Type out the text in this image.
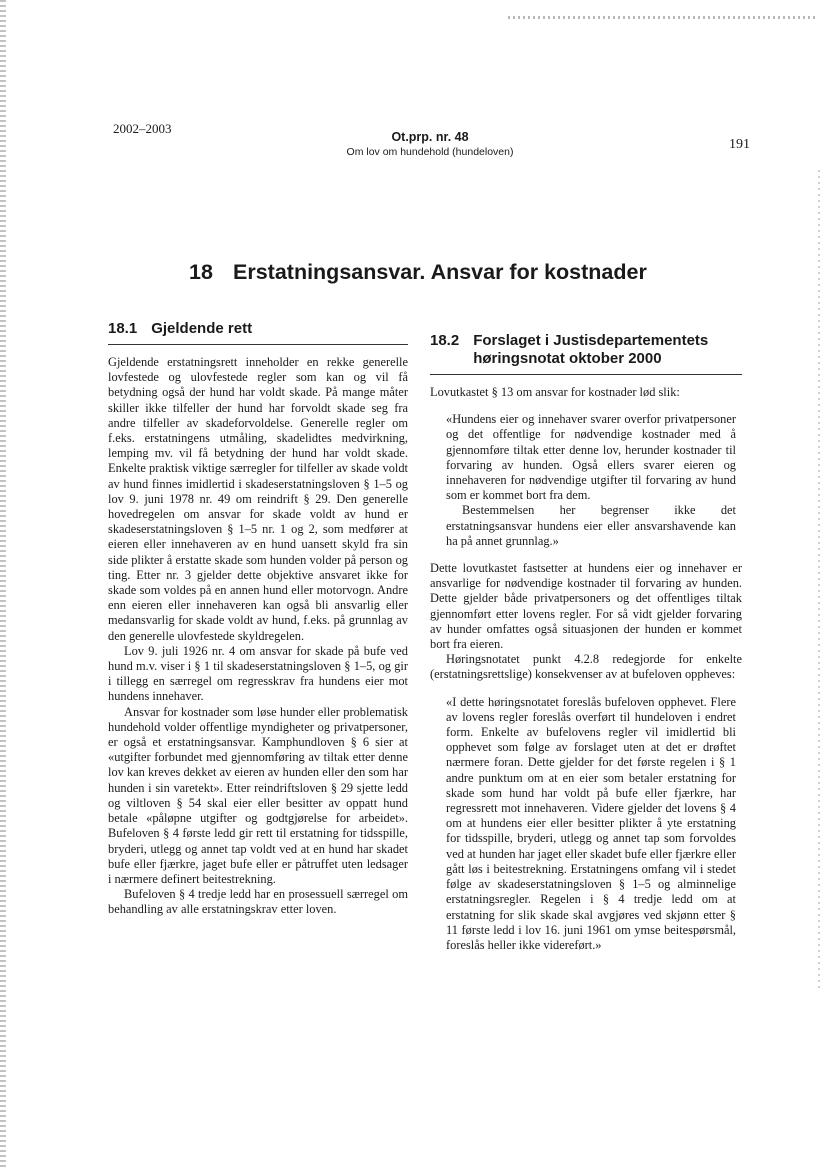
2002–2003
Ot.prp. nr. 48
Om lov om hundehold (hundeloven)	191
18 Erstatningsansvar. Ansvar for kostnader
18.1 Gjeldende rett

Gjeldende erstatningsrett inneholder en rekke generelle lovfestede og ulovfestede regler som kan og vil få betydning også der hund har voldt skade. På mange måter skiller ikke tilfeller der hund har forvoldt skade seg fra andre tilfeller av skadeforvoldelse. Generelle regler om f.eks. erstatningens utmåling, skadelidtes medvirkning, lemping mv. vil få betydning der hund har voldt skade. Enkelte praktisk viktige særregler for tilfeller av skade voldt av hund finnes imidlertid i skadeserstatningsloven § 1–5 og lov 9. juni 1978 nr. 49 om reindrift § 29. Den generelle hovedregelen om ansvar for skade voldt av hund er skadeserstatningsloven § 1–5 nr. 1 og 2, som medfører at eieren eller innehaveren av en hund uansett skyld fra sin side plikter å erstatte skade som hunden volder på person og ting. Etter nr. 3 gjelder dette objektive ansvaret ikke for skade som voldes på en annen hund eller motorvogn. Andre enn eieren eller innehaveren kan også bli ansvarlig eller medansvarlig for skade voldt av hund, f.eks. på grunnlag av den generelle ulovfestede skyldregelen.

Lov 9. juli 1926 nr. 4 om ansvar for skade på bufe ved hund m.v. viser i § 1 til skadeserstatningsloven § 1–5, og gir i tillegg en særregel om regresskrav fra hundens eier mot hundens innehaver.

Ansvar for kostnader som løse hunder eller problematisk hundehold volder offentlige myndigheter og privatpersoner, er også et erstatningsansvar. Kamphundloven § 6 sier at «utgifter forbundet med gjennomføring av tiltak etter denne lov kan kreves dekket av eieren av hunden eller den som har hunden i sin varetekt». Etter reindriftsloven § 29 sjette ledd og viltloven § 54 skal eier eller besitter av oppatt hund betale «påløpne utgifter og godtgjørelse for arbeidet». Bufeloven § 4 første ledd gir rett til erstatning for tidsspille, bryderi, utlegg og annet tap voldt ved at en hund har skadet bufe eller fjærkre, jaget bufe eller er påtruffet uten ledsager i nærmere definert beitestrekning.

Bufeloven § 4 tredje ledd har en prosessuell særregel om behandling av alle erstatningskrav etter loven.

18.2 Forslaget i Justisdepartementets høringsnotat oktober 2000

Lovutkastet § 13 om ansvar for kostnader lød slik:

«Hundens eier og innehaver svarer overfor privatpersoner og det offentlige for nødvendige kostnader med å gjennomføre tiltak etter denne lov, herunder kostnader til forvaring av hunden. Også ellers svarer eieren og innehaveren for nødvendige utgifter til forvaring av hund som er kommet bort fra dem.

Bestemmelsen her begrenser ikke det erstatningsansvar hundens eier eller ansvarshavende kan ha på annet grunnlag.»

Dette lovutkastet fastsetter at hundens eier og innehaver er ansvarlige for nødvendige kostnader til forvaring av hunden. Dette gjelder både privatpersoners og det offentliges tiltak gjennomført etter lovens regler. For så vidt gjelder forvaring av hunder omfattes også situasjonen der hunden er kommet bort fra eieren.

Høringsnotatet punkt 4.2.8 redegjorde for enkelte (erstatningsrettslige) konsekvenser av at bufeloven oppheves:

«I dette høringsnotatet foreslås bufeloven opphevet. Flere av lovens regler foreslås overført til hundeloven i endret form. Enkelte av bufelovens regler vil imidlertid bli opphevet som følge av forslaget uten at det er drøftet nærmere foran. Dette gjelder for det første regelen i § 1 andre punktum om at en eier som betaler erstatning for skade som hund har voldt på bufe eller fjærkre, har regressrett mot innehaveren. Videre gjelder det lovens § 4 om at hundens eier eller besitter plikter å yte erstatning for tidsspille, bryderi, utlegg og annet tap som forvoldes ved at hunden har jaget eller skadet bufe eller fjærkre eller gått løs i beitestrekning. Erstatningens omfang vil i stedet følge av skadeserstatningsloven § 1–5 og alminnelige erstatningsregler. Regelen i § 4 tredje ledd om at erstatning for slik skade skal avgjøres ved skjønn etter § 11 første ledd i lov 16. juni 1961 om ymse beitespørsmål, foreslås heller ikke videreført.»
